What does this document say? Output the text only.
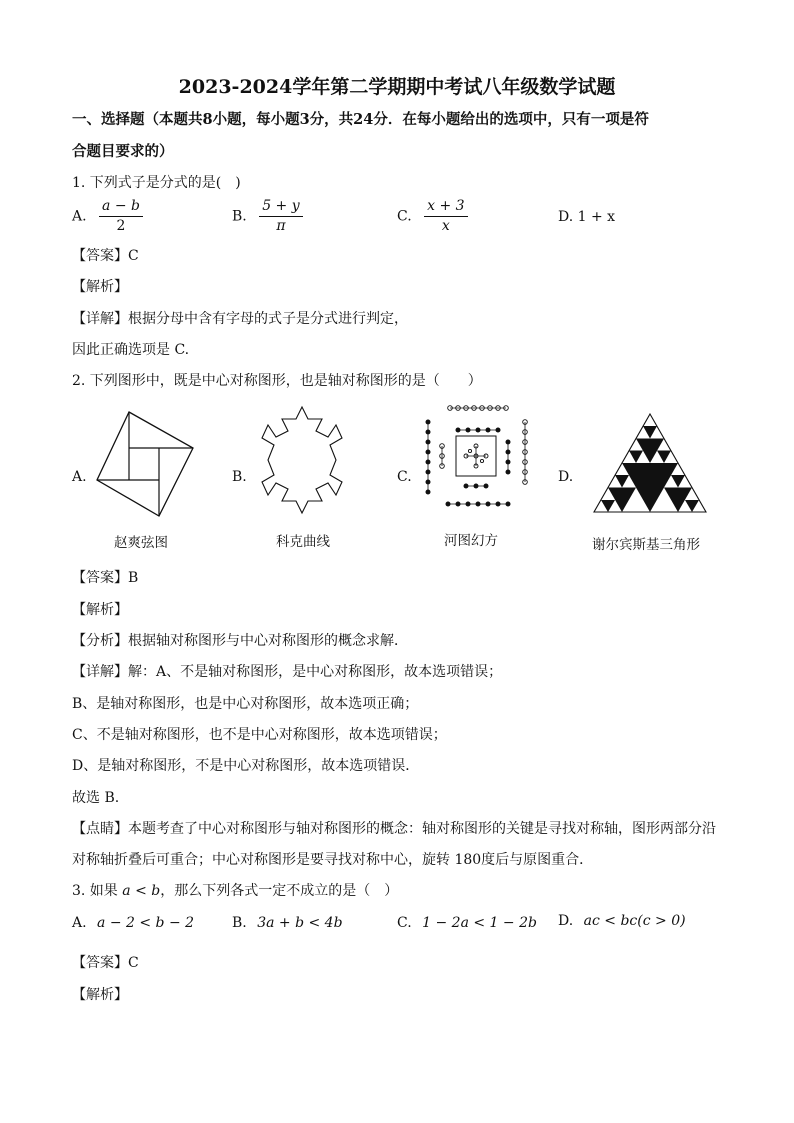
2023-2024学年第二学期期中考试八年级数学试题
一、选择题（本题共8小题，每小题3分，共24分．在每小题给出的选项中，只有一项是符
合题目要求的）
1. 下列式子是分式的是(　)
A. $\frac{a - b}{2}$	B. $\frac{5 + y}{\pi}$	C. $\frac{x + 3}{x}$	D. 1 + x
【答案】C
【解析】
【详解】根据分母中含有字母的式子是分式进行判定，
因此正确选项是 C.
2. 下列图形中，既是中心对称图形，也是轴对称图形的是（　　）
A.	B.	C.	D.
赵爽弦图	科克曲线	河图幻方	谢尔宾斯基三角形
【答案】B
【解析】
【分析】根据轴对称图形与中心对称图形的概念求解．
【详解】解：A、不是轴对称图形，是中心对称图形，故本选项错误；
B、是轴对称图形，也是中心对称图形，故本选项正确；
C、不是轴对称图形，也不是中心对称图形，故本选项错误；
D、是轴对称图形，不是中心对称图形，故本选项错误．
故选 B.
【点睛】本题考查了中心对称图形与轴对称图形的概念：轴对称图形的关键是寻找对称轴，图形两部分沿
对称轴折叠后可重合；中心对称图形是要寻找对称中心，旋转 180度后与原图重合．
3. 如果 a < b，那么下列各式一定不成立的是（　）
A. a − 2 < b − 2	B. 3a + b < 4b	C. 1 − 2a < 1 − 2b D. ac < bc(c > 0)
【答案】C
【解析】
